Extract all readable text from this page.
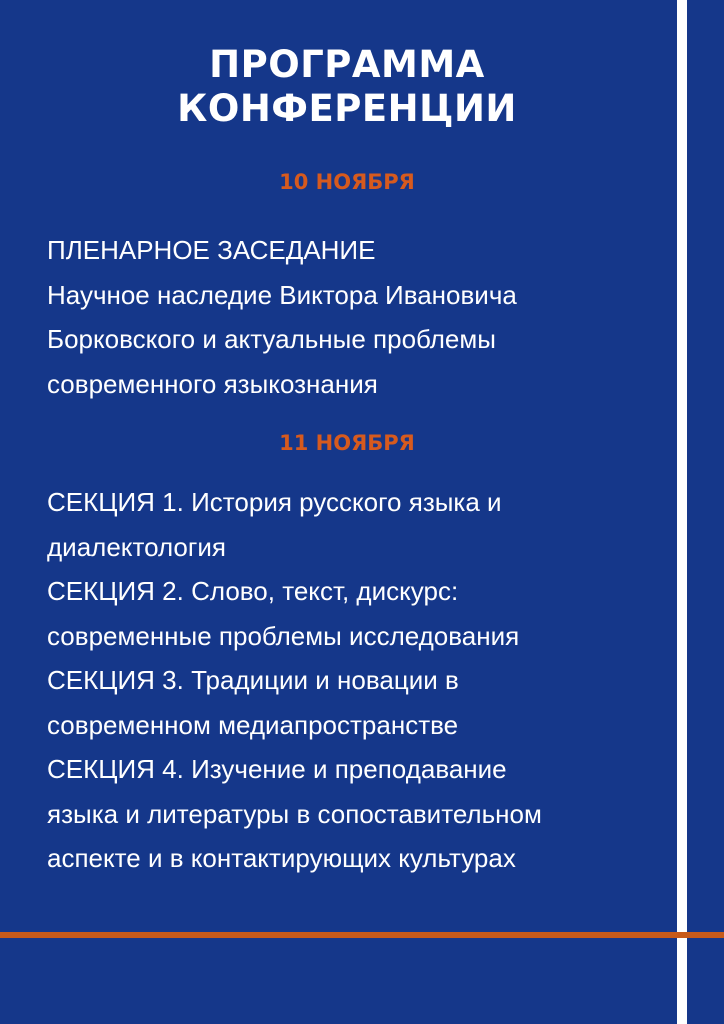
ПРОГРАММА
КОНФЕРЕНЦИИ
10 НОЯБРЯ
ПЛЕНАРНОЕ ЗАСЕДАНИЕ
Научное наследие Виктора Ивановича
Борковского и актуальные проблемы
современного языкознания
11 НОЯБРЯ
СЕКЦИЯ 1. История русского языка и
диалектология
СЕКЦИЯ 2. Слово, текст, дискурс:
современные проблемы исследования
СЕКЦИЯ 3. Традиции и новации в
современном медиапространстве
СЕКЦИЯ 4. Изучение и преподавание
языка и литературы в сопоставительном
аспекте и в контактирующих культурах
